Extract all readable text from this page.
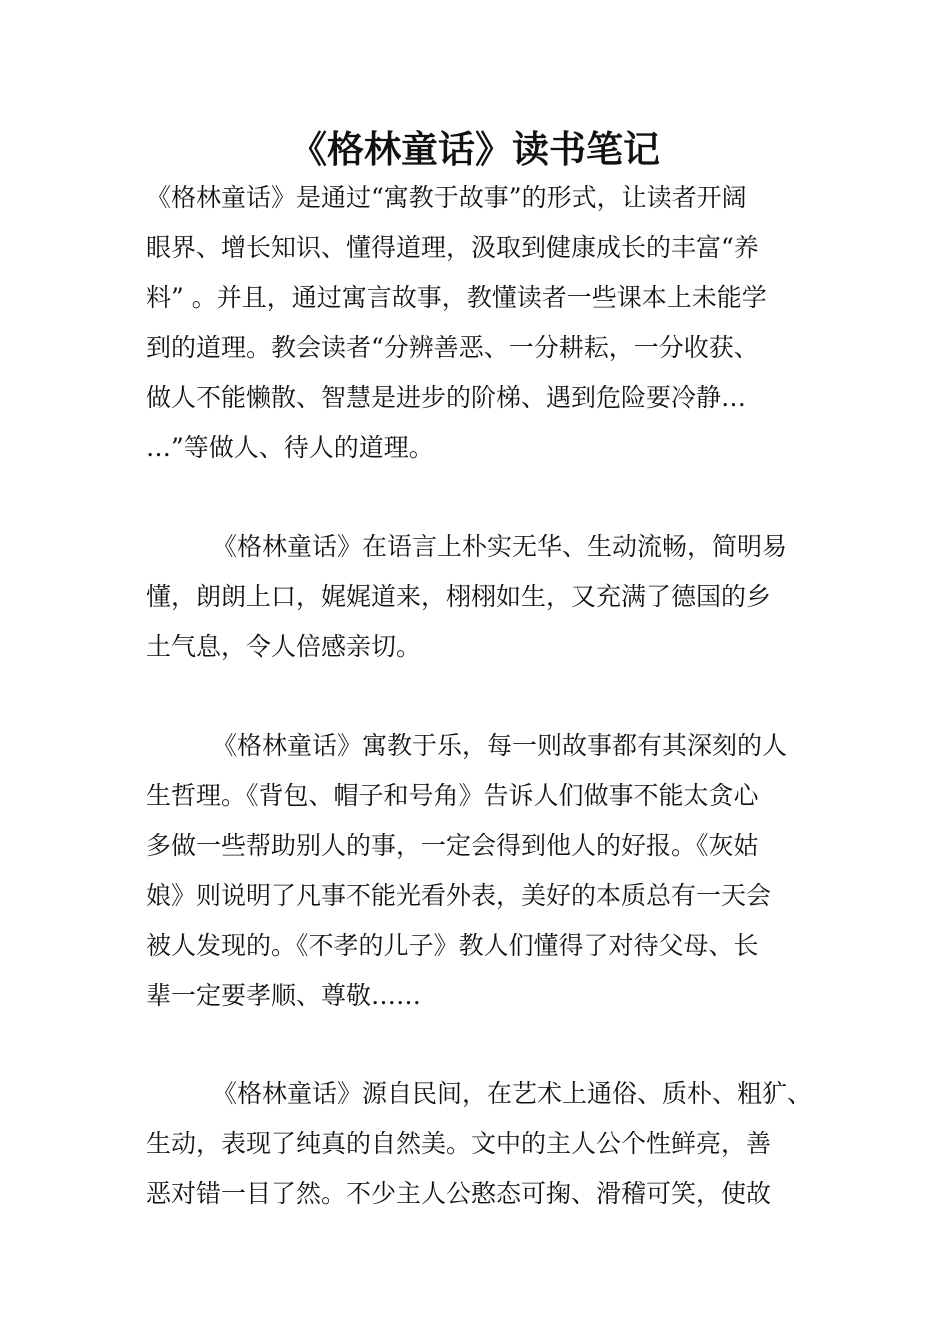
《格林童话》读书笔记
《格林童话》是通过“寓教于故事”的形式，让读者开阔
眼界、增长知识、懂得道理，汲取到健康成长的丰富“养
料” 。并且，通过寓言故事，教懂读者一些课本上未能学
到的道理。教会读者“分辨善恶、一分耕耘，一分收获、
做人不能懒散、智慧是进步的阶梯、遇到危险要冷静…
…”等做人、待人的道理。
《格林童话》在语言上朴实无华、生动流畅，简明易
懂，朗朗上口，娓娓道来，栩栩如生，又充满了德国的乡
土气息，令人倍感亲切。
《格林童话》寓教于乐，每一则故事都有其深刻的人
生哲理。《背包、帽子和号角》告诉人们做事不能太贪心
多做一些帮助别人的事，一定会得到他人的好报。《灰姑
娘》则说明了凡事不能光看外表，美好的本质总有一天会
被人发现的。《不孝的儿子》教人们懂得了对待父母、长
辈一定要孝顺、尊敬……
《格林童话》源自民间，在艺术上通俗、质朴、粗犷、
生动，表现了纯真的自然美。文中的主人公个性鲜亮，善
恶对错一目了然。不少主人公憨态可掬、滑稽可笑，使故
